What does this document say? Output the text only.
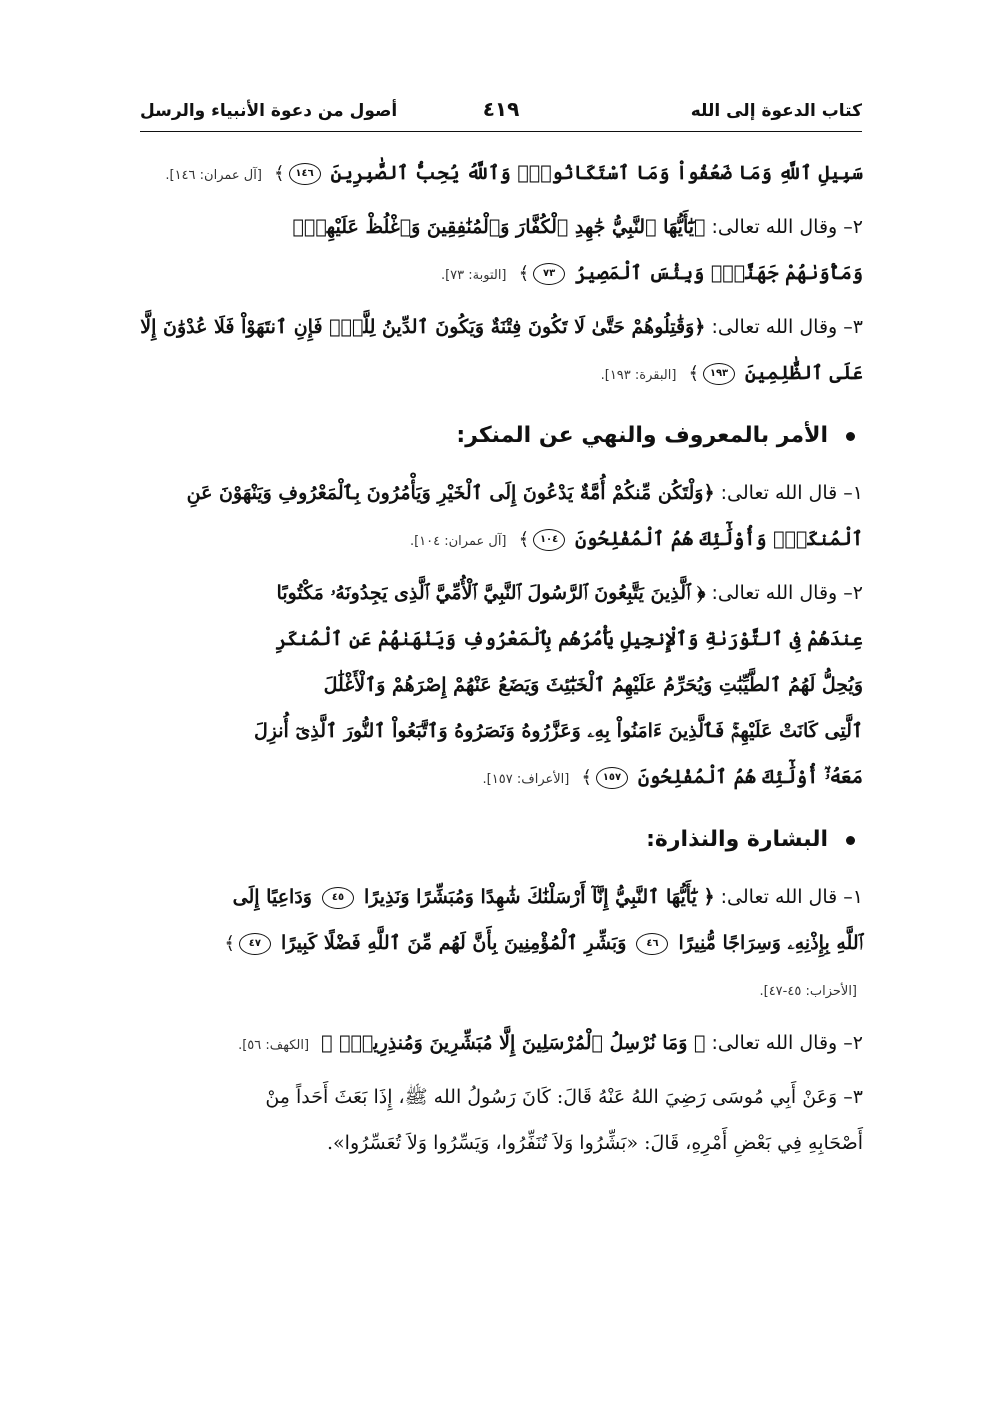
كتاب الدعوة إلى الله
٤١٩
أصول من دعوة الأنبياء والرسل
سَبِيلِ ٱللَّهِ وَمَا ضَعُفُواْ وَمَا ٱسْتَكَانُواْۗ وَٱللَّهُ يُحِبُّ ٱلصَّٰبِرِينَ ١٤٦﴾ [آل عمران: ١٤٦].
٢– وقال الله تعالى: ﴿يَٰٓأَيُّهَا ٱلنَّبِيُّ جَٰهِدِ ٱلْكُفَّارَ وَٱلْمُنَٰفِقِينَ وَٱغْلُظْ عَلَيْهِمْۚ
وَمَأْوَىٰهُمْ جَهَنَّمُۖ وَبِئْسَ ٱلْمَصِيرُ ٧٣﴾ [التوبة: ٧٣].
٣– وقال الله تعالى: ﴿وَقَٰتِلُوهُمْ حَتَّىٰ لَا تَكُونَ فِتْنَةٌ وَيَكُونَ ٱلدِّينُ لِلَّهِۖ فَإِنِ ٱنتَهَوْاْ فَلَا عُدْوَٰنَ إِلَّا
عَلَى ٱلظَّٰلِمِينَ ١٩٣﴾ [البقرة: ١٩٣].
الأمر بالمعروف والنهي عن المنكر:
١– قال الله تعالى: ﴿وَلْتَكُن مِّنكُمْ أُمَّةٌ يَدْعُونَ إِلَى ٱلْخَيْرِ وَيَأْمُرُونَ بِٱلْمَعْرُوفِ وَيَنْهَوْنَ عَنِ
ٱلْمُنكَرِۚ وَأُوْلَٰٓئِكَ هُمُ ٱلْمُفْلِحُونَ ١٠٤﴾ [آل عمران: ١٠٤].
٢– وقال الله تعالى: ﴿ ٱلَّذِينَ يَتَّبِعُونَ ٱلرَّسُولَ ٱلنَّبِيَّ ٱلْأُمِّيَّ ٱلَّذِى يَجِدُونَهُۥ مَكْتُوبًا
عِندَهُمْ فِى ٱلتَّوْرَىٰةِ وَٱلْإِنجِيلِ يَأْمُرُهُم بِٱلْمَعْرُوفِ وَيَنْهَىٰهُمْ عَنِ ٱلْمُنكَرِ
وَيُحِلُّ لَهُمُ ٱلطَّيِّبَٰتِ وَيُحَرِّمُ عَلَيْهِمُ ٱلْخَبَٰٓئِثَ وَيَضَعُ عَنْهُمْ إِصْرَهُمْ وَٱلْأَغْلَٰلَ
ٱلَّتِى كَانَتْ عَلَيْهِمْۚ فَٱلَّذِينَ ءَامَنُواْ بِهِۦ وَعَزَّرُوهُ وَنَصَرُوهُ وَٱتَّبَعُواْ ٱلنُّورَ ٱلَّذِىٓ أُنزِلَ
مَعَهُۥٓۙ أُوْلَٰٓئِكَ هُمُ ٱلْمُفْلِحُونَ ١٥٧﴾ [الأعراف: ١٥٧].
البشارة والنذارة:
١– قال الله تعالى: ﴿ يَٰٓأَيُّهَا ٱلنَّبِيُّ إِنَّآ أَرْسَلْنَٰكَ شَٰهِدًا وَمُبَشِّرًا وَنَذِيرًا ٤٥ وَدَاعِيًا إِلَى
ٱللَّهِ بِإِذْنِهِۦ وَسِرَاجًا مُّنِيرًا ٤٦ وَبَشِّرِ ٱلْمُؤْمِنِينَ بِأَنَّ لَهُم مِّنَ ٱللَّهِ فَضْلًا كَبِيرًا ٤٧﴾
[الأحزاب: ٤٥-٤٧].
٢– وقال الله تعالى: ﴿ وَمَا نُرْسِلُ ٱلْمُرْسَلِينَ إِلَّا مُبَشِّرِينَ وَمُنذِرِينَۖ ﴾ [الكهف: ٥٦].
٣– وَعَنْ أَبِي مُوسَى رَضِيَ اللهُ عَنْهُ قَالَ: كَانَ رَسُولُ الله ﷺ، إِذَا بَعَثَ أَحَداً مِنْ
أَصْحَابِهِ فِي بَعْضِ أَمْرِهِ، قَالَ: «بَشِّرُوا وَلاَ تُنَفِّرُوا، وَيَسِّرُوا وَلاَ تُعَسِّرُوا».
